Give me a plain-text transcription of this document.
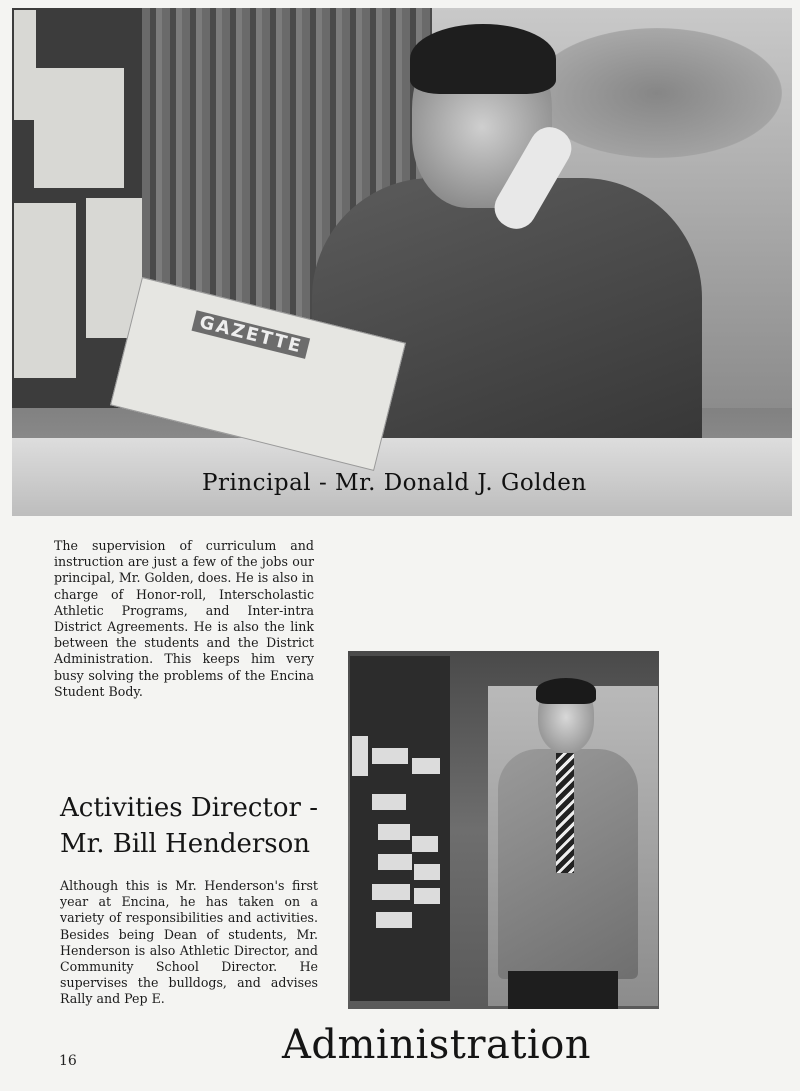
GAZETTE
Principal - Mr. Donald J. Golden
The supervision of curriculum and instruction are just a few of the jobs our principal, Mr. Golden, does. He is also in charge of Honor-roll, Interscholastic Athletic Programs, and Inter-intra District Agreements. He is also the link between the students and the District Administration. This keeps him very busy solving the problems of the Encina Student Body.
Activities Director -
Mr. Bill Henderson
Although this is Mr. Henderson's first year at Encina, he has taken on a variety of responsibilities and activities. Besides being Dean of students, Mr. Henderson is also Athletic Director, and Community School Director. He supervises the bulldogs, and advises Rally and Pep E.
16	Administration
